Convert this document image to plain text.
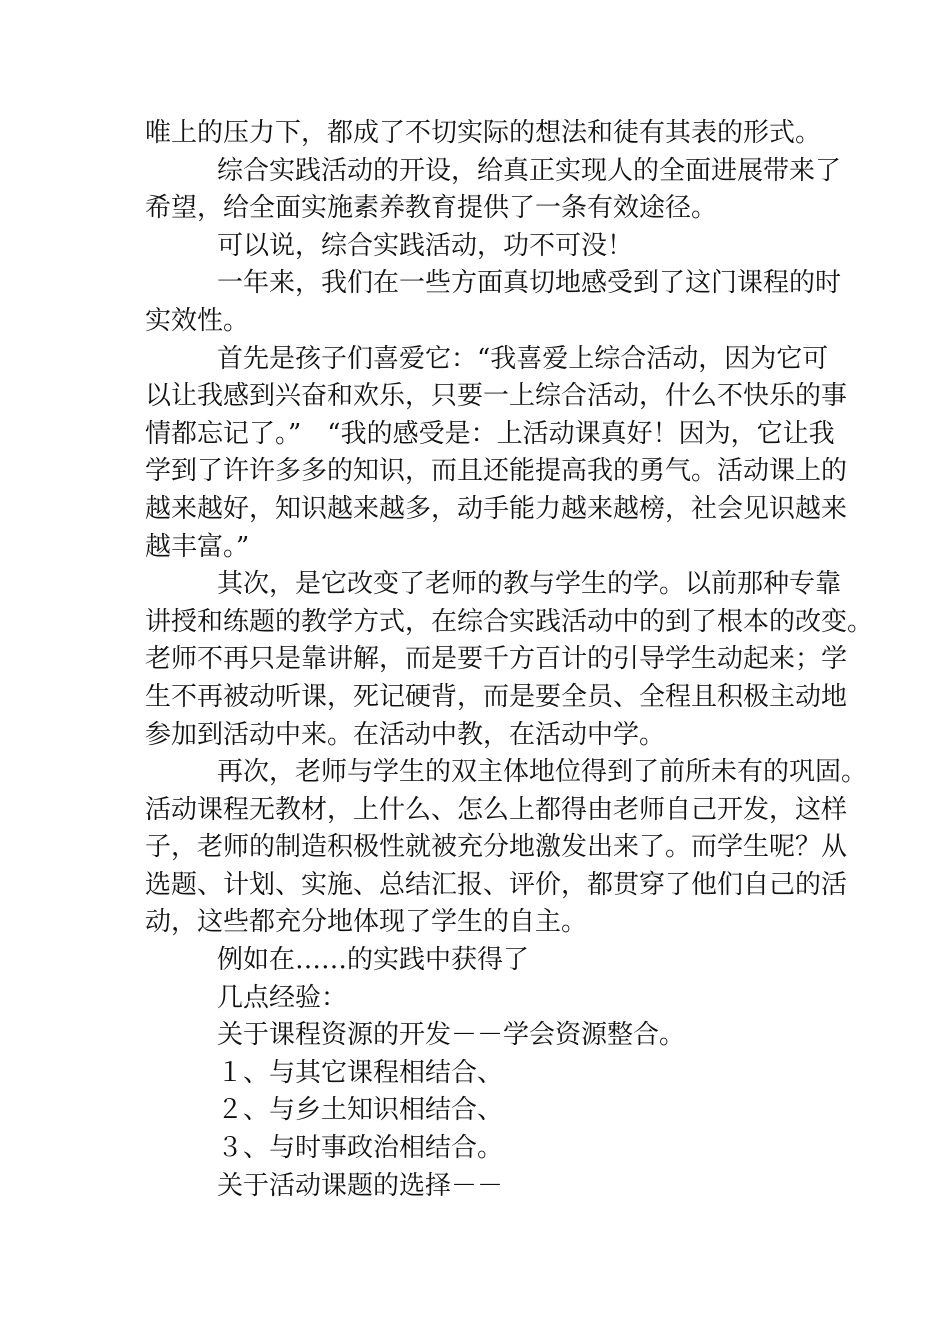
唯上的压力下，都成了不切实际的想法和徒有其表的形式。
综合实践活动的开设，给真正实现人的全面进展带来了
希望，给全面实施素养教育提供了一条有效途径。
可以说，综合实践活动，功不可没！
一年来，我们在一些方面真切地感受到了这门课程的时
实效性。
首先是孩子们喜爱它：“我喜爱上综合活动，因为它可
以让我感到兴奋和欢乐，只要一上综合活动，什么不快乐的事
情都忘记了。”　“我的感受是：上活动课真好！因为，它让我
学到了许许多多的知识，而且还能提高我的勇气。活动课上的
越来越好，知识越来越多，动手能力越来越榜，社会见识越来
越丰富。”
其次，是它改变了老师的教与学生的学。以前那种专靠
讲授和练题的教学方式，在综合实践活动中的到了根本的改变。
老师不再只是靠讲解，而是要千方百计的引导学生动起来；学
生不再被动听课，死记硬背，而是要全员、全程且积极主动地
参加到活动中来。在活动中教，在活动中学。
再次，老师与学生的双主体地位得到了前所未有的巩固。
活动课程无教材，上什么、怎么上都得由老师自己开发，这样
子，老师的制造积极性就被充分地激发出来了。而学生呢？从
选题、计划、实施、总结汇报、评价，都贯穿了他们自己的活
动，这些都充分地体现了学生的自主。
例如在……的实践中获得了
几点经验：
关于课程资源的开发－－学会资源整合。
１、与其它课程相结合、
２、与乡土知识相结合、
３、与时事政治相结合。
关于活动课题的选择－－
